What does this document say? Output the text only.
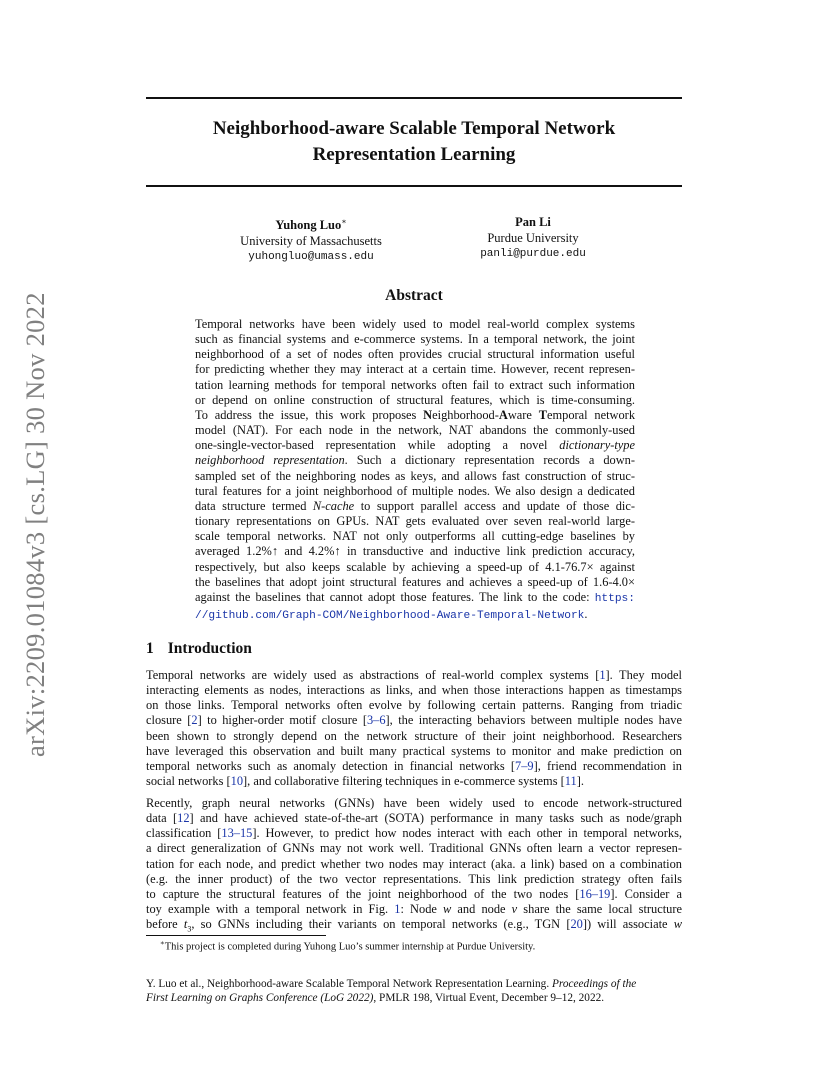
arXiv:2209.01084v3 [cs.LG] 30 Nov 2022
Neighborhood-aware Scalable Temporal Network
Representation Learning
Yuhong Luo∗
University of Massachusetts
yuhongluo@umass.edu
Pan Li
Purdue University
panli@purdue.edu
Abstract
Temporal networks have been widely used to model real-world complex systems
such as financial systems and e-commerce systems. In a temporal network, the joint
neighborhood of a set of nodes often provides crucial structural information useful
for predicting whether they may interact at a certain time. However, recent represen-
tation learning methods for temporal networks often fail to extract such information
or depend on online construction of structural features, which is time-consuming.
To address the issue, this work proposes Neighborhood-Aware Temporal network
model (NAT). For each node in the network, NAT abandons the commonly-used
one-single-vector-based representation while adopting a novel dictionary-type
neighborhood representation. Such a dictionary representation records a down-
sampled set of the neighboring nodes as keys, and allows fast construction of struc-
tural features for a joint neighborhood of multiple nodes. We also design a dedicated
data structure termed N-cache to support parallel access and update of those dic-
tionary representations on GPUs. NAT gets evaluated over seven real-world large-
scale temporal networks. NAT not only outperforms all cutting-edge baselines by
averaged 1.2%↑ and 4.2%↑ in transductive and inductive link prediction accuracy,
respectively, but also keeps scalable by achieving a speed-up of 4.1-76.7× against
the baselines that adopt joint structural features and achieves a speed-up of 1.6-4.0×
against the baselines that cannot adopt those features. The link to the code: https:
//github.com/Graph-COM/Neighborhood-Aware-Temporal-Network.
1 Introduction
Temporal networks are widely used as abstractions of real-world complex systems [1]. They model
interacting elements as nodes, interactions as links, and when those interactions happen as timestamps
on those links. Temporal networks often evolve by following certain patterns. Ranging from triadic
closure [2] to higher-order motif closure [3–6], the interacting behaviors between multiple nodes have
been shown to strongly depend on the network structure of their joint neighborhood. Researchers
have leveraged this observation and built many practical systems to monitor and make prediction on
temporal networks such as anomaly detection in financial networks [7–9], friend recommendation in
social networks [10], and collaborative filtering techniques in e-commerce systems [11].
Recently, graph neural networks (GNNs) have been widely used to encode network-structured
data [12] and have achieved state-of-the-art (SOTA) performance in many tasks such as node/graph
classification [13–15]. However, to predict how nodes interact with each other in temporal networks,
a direct generalization of GNNs may not work well. Traditional GNNs often learn a vector represen-
tation for each node, and predict whether two nodes may interact (aka. a link) based on a combination
(e.g. the inner product) of the two vector representations. This link prediction strategy often fails
to capture the structural features of the joint neighborhood of the two nodes [16–19]. Consider a
toy example with a temporal network in Fig. 1: Node w and node v share the same local structure
before $t_3$, so GNNs including their variants on temporal networks (e.g., TGN [20]) will associate w
∗This project is completed during Yuhong Luo’s summer internship at Purdue University.
Y. Luo et al., Neighborhood-aware Scalable Temporal Network Representation Learning. Proceedings of the
First Learning on Graphs Conference (LoG 2022), PMLR 198, Virtual Event, December 9–12, 2022.
